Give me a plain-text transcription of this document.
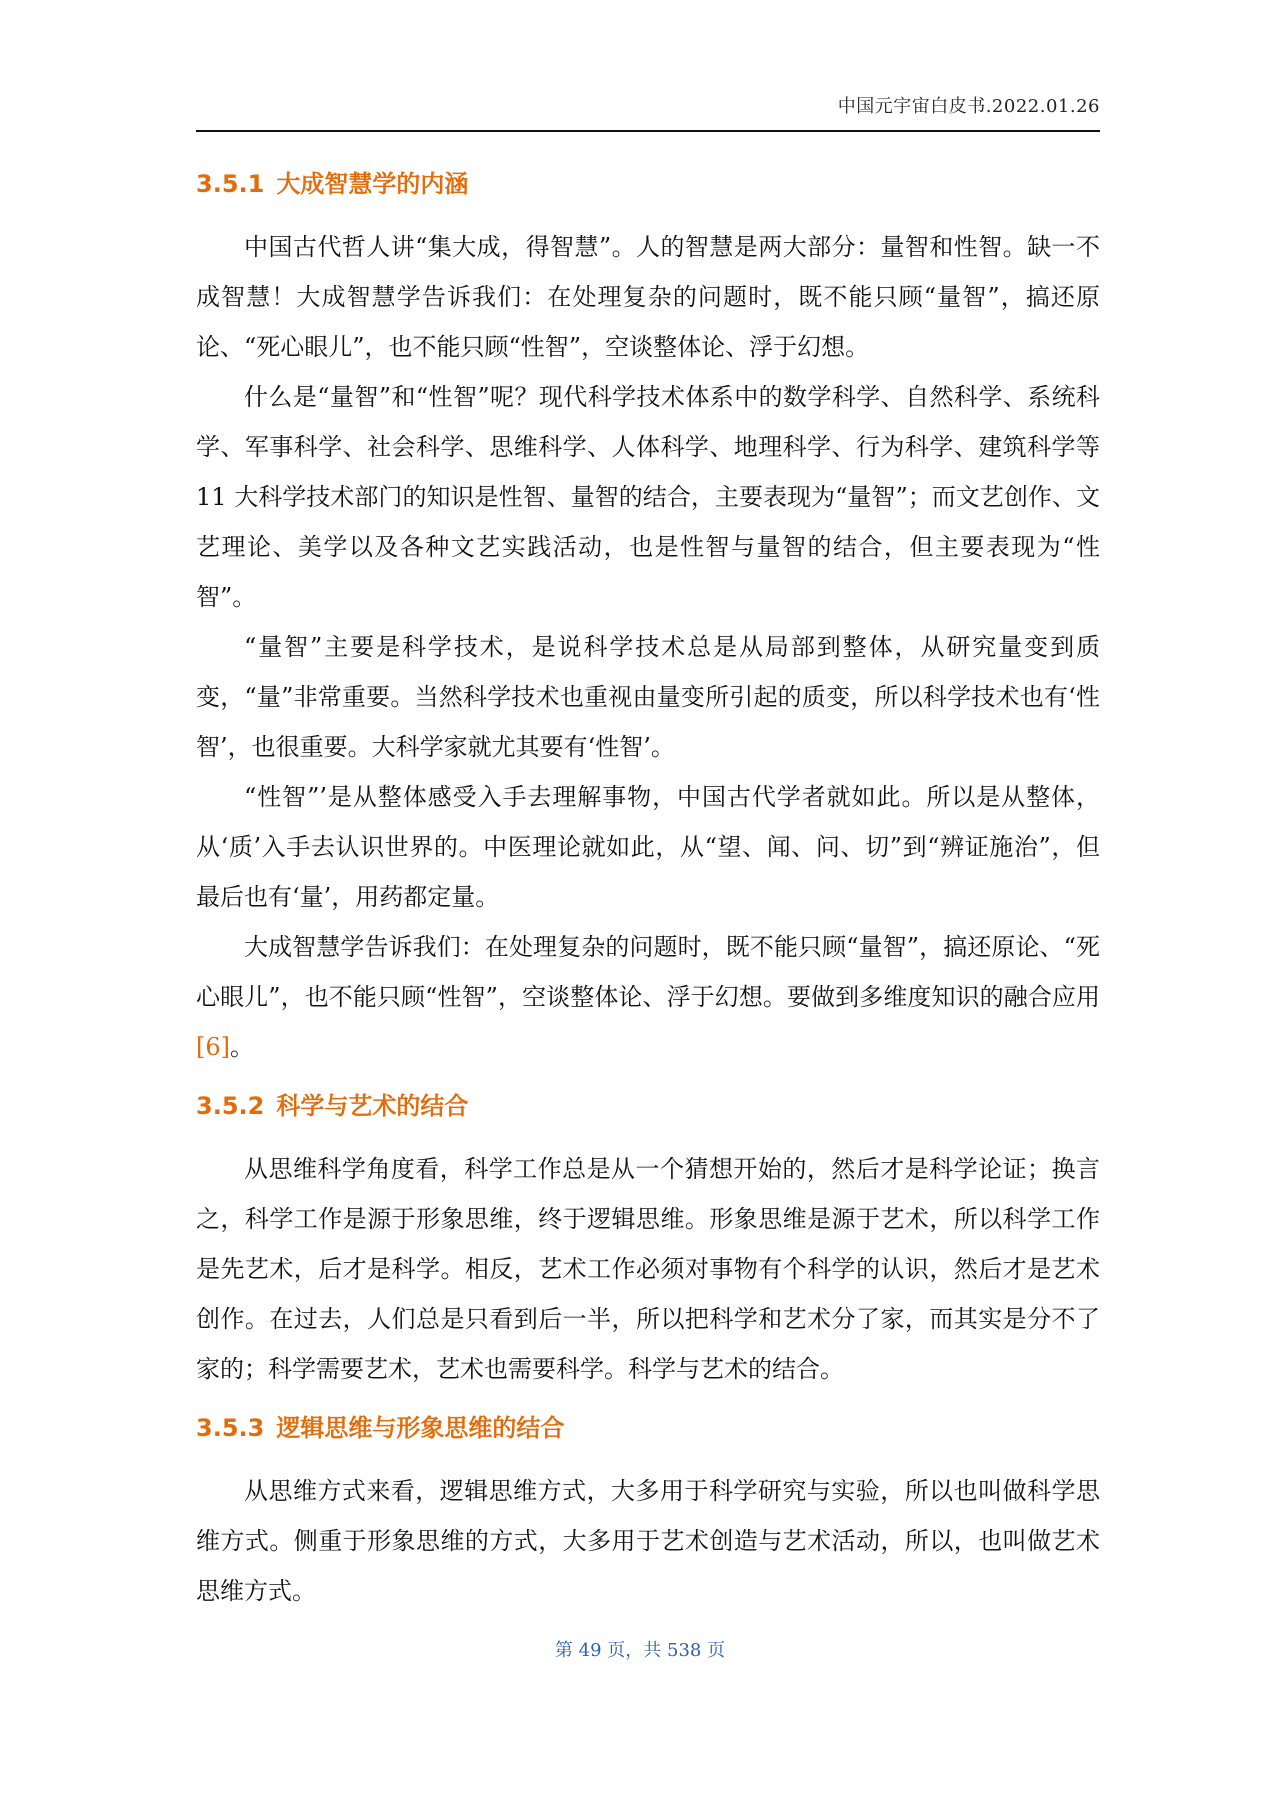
中国元宇宙白皮书.2022.01.26
3.5.1 大成智慧学的内涵

中国古代哲人讲“集大成，得智慧”。人的智慧是两大部分：量智和性智。缺一不成智慧！大成智慧学告诉我们：在处理复杂的问题时，既不能只顾“量智”，搞还原论、“死心眼儿”，也不能只顾“性智”，空谈整体论、浮于幻想。

什么是“量智”和“性智”呢？现代科学技术体系中的数学科学、自然科学、系统科学、军事科学、社会科学、思维科学、人体科学、地理科学、行为科学、建筑科学等 11 大科学技术部门的知识是性智、量智的结合，主要表现为“量智”；而文艺创作、文艺理论、美学以及各种文艺实践活动，也是性智与量智的结合，但主要表现为“性智”。

“量智”主要是科学技术，是说科学技术总是从局部到整体，从研究量变到质变，“量”非常重要。当然科学技术也重视由量变所引起的质变，所以科学技术也有‘性智’，也很重要。大科学家就尤其要有‘性智’。

“性智”’是从整体感受入手去理解事物，中国古代学者就如此。所以是从整体，从‘质’入手去认识世界的。中医理论就如此，从“望、闻、问、切”到“辨证施治”，但最后也有‘量’，用药都定量。

大成智慧学告诉我们：在处理复杂的问题时，既不能只顾“量智”，搞还原论、“死心眼儿”，也不能只顾“性智”，空谈整体论、浮于幻想。要做到多维度知识的融合应用[6]。

3.5.2 科学与艺术的结合

从思维科学角度看，科学工作总是从一个猜想开始的，然后才是科学论证；换言之，科学工作是源于形象思维，终于逻辑思维。形象思维是源于艺术，所以科学工作是先艺术，后才是科学。相反，艺术工作必须对事物有个科学的认识，然后才是艺术创作。在过去，人们总是只看到后一半，所以把科学和艺术分了家，而其实是分不了家的；科学需要艺术，艺术也需要科学。科学与艺术的结合。

3.5.3 逻辑思维与形象思维的结合

从思维方式来看，逻辑思维方式，大多用于科学研究与实验，所以也叫做科学思维方式。侧重于形象思维的方式，大多用于艺术创造与艺术活动，所以，也叫做艺术思维方式。

第 49 页，共 538 页
